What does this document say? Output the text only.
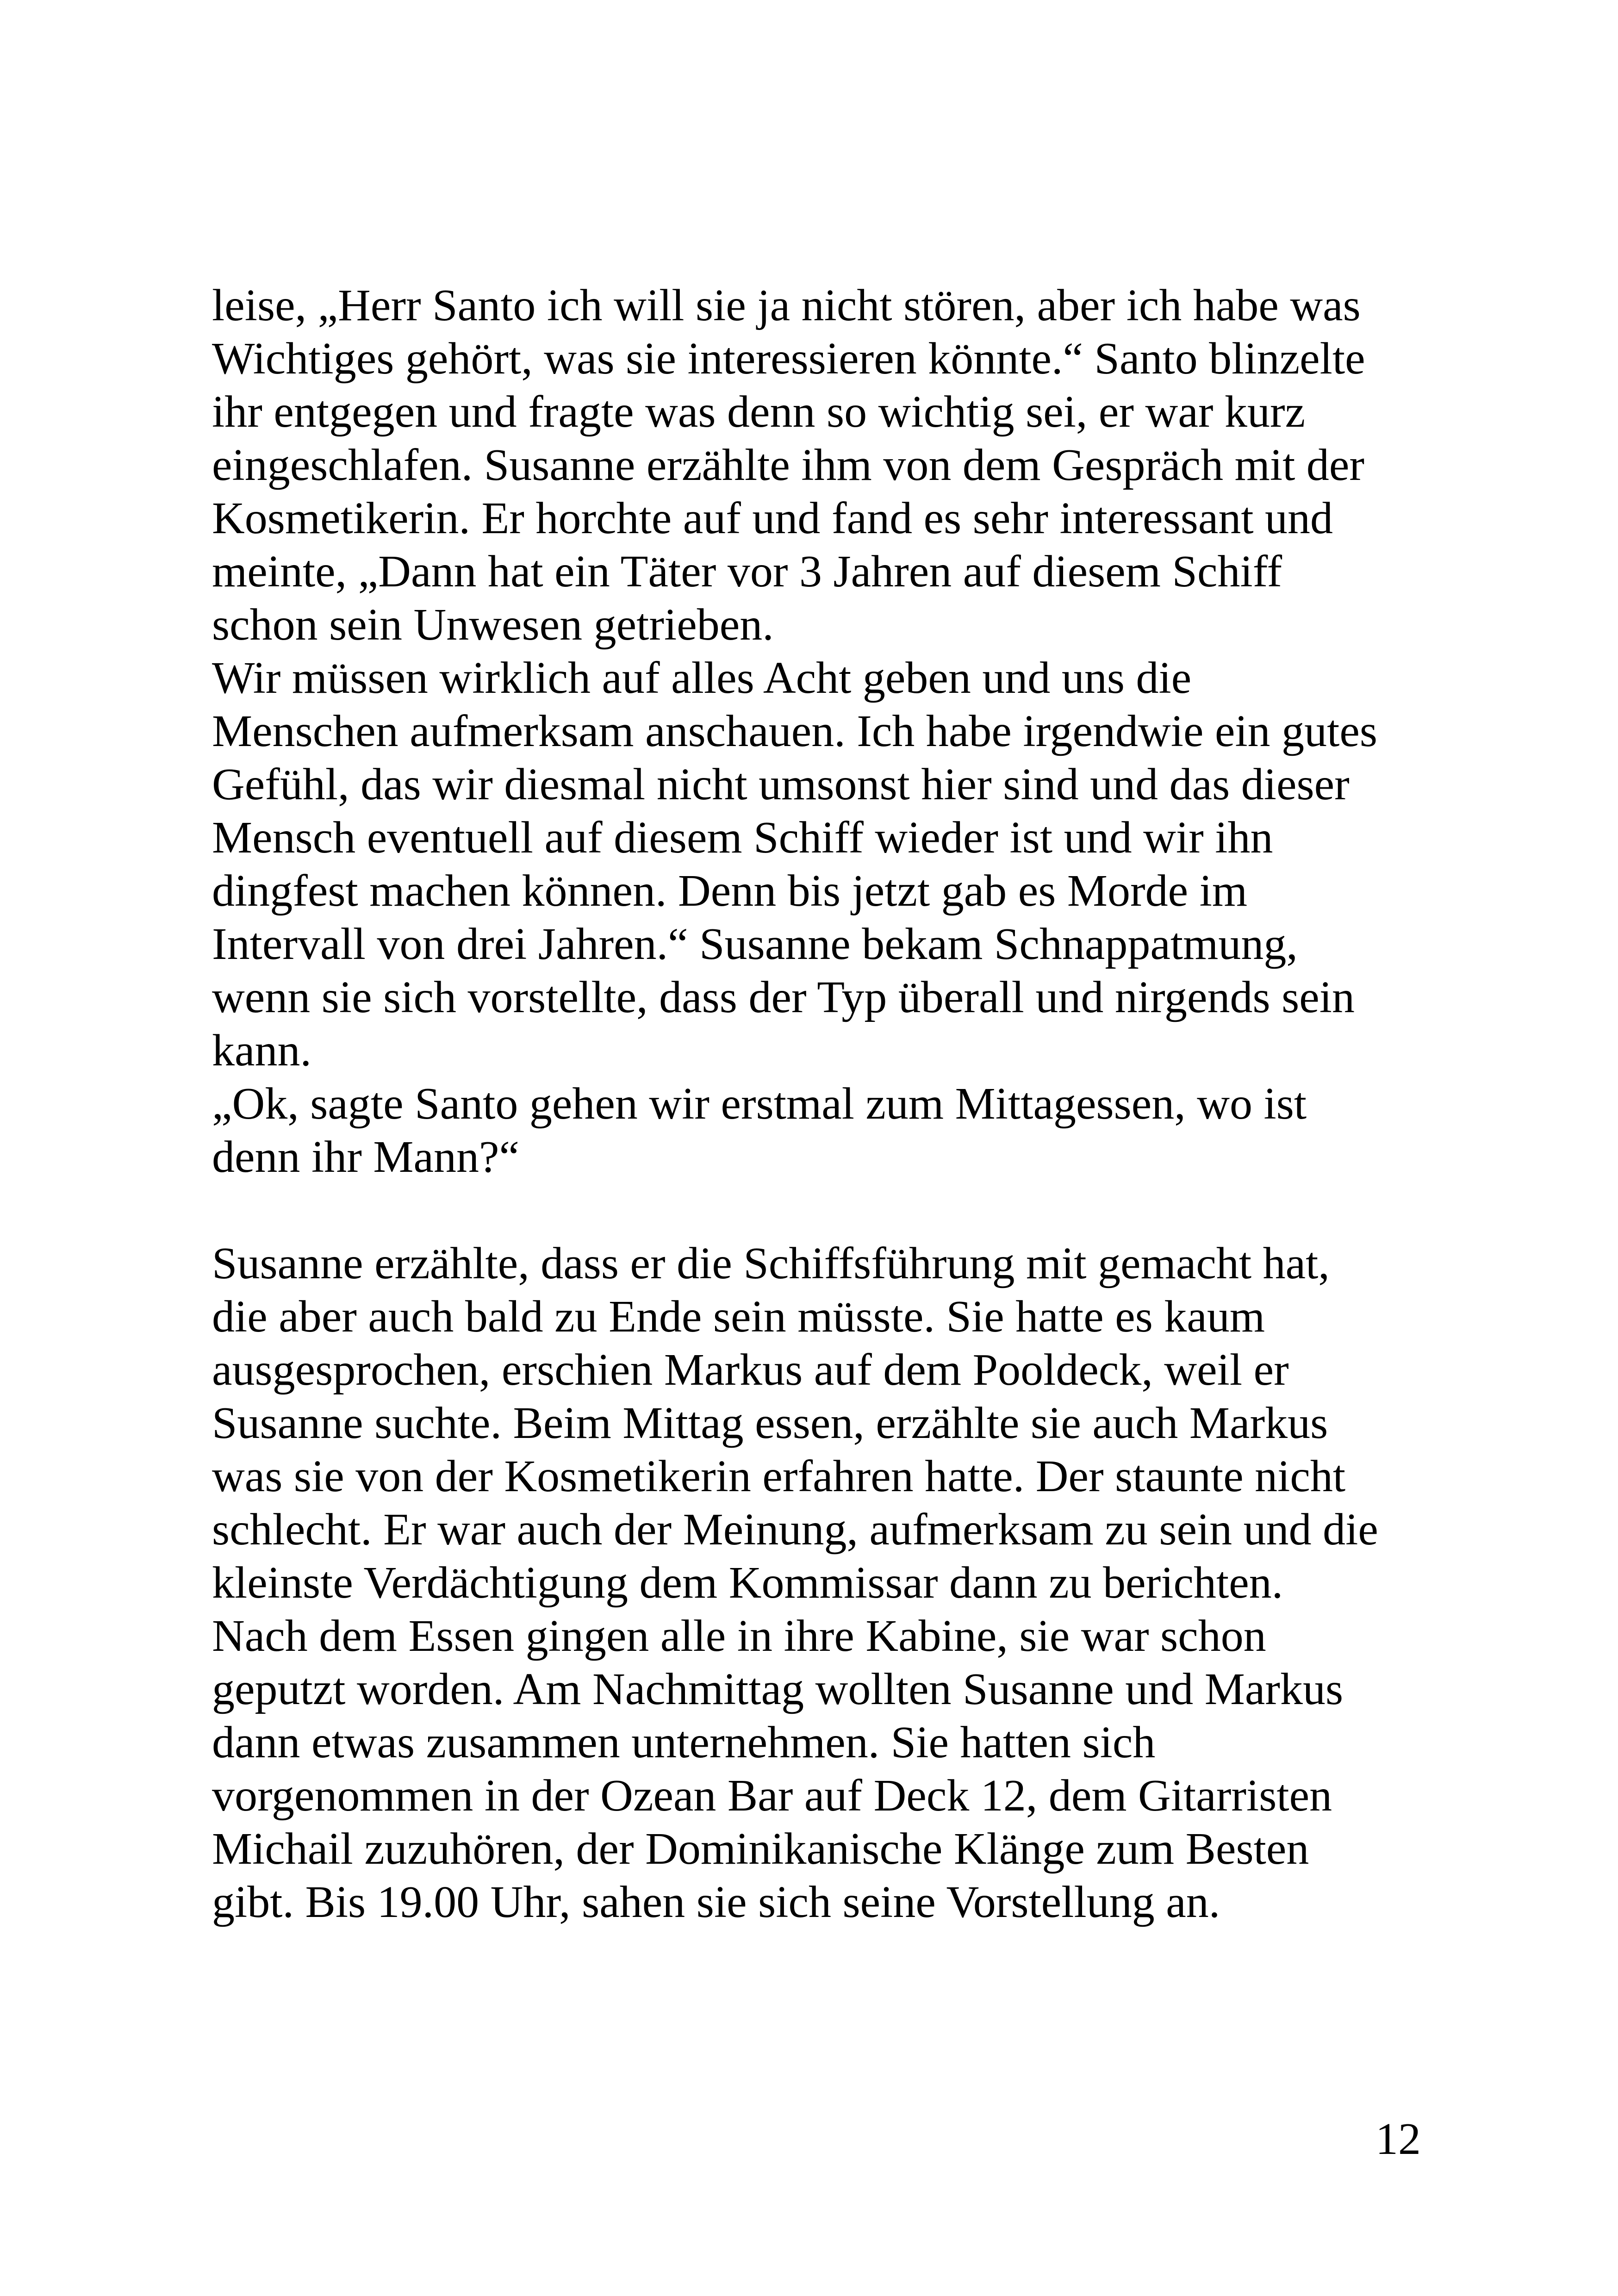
leise, „Herr Santo ich will sie ja nicht stören, aber ich habe was
Wichtiges gehört, was sie interessieren könnte.“ Santo blinzelte
ihr entgegen und fragte was denn so wichtig sei, er war kurz
eingeschlafen. Susanne erzählte ihm von dem Gespräch mit der
Kosmetikerin. Er horchte auf und fand es sehr interessant und
meinte, „Dann hat ein Täter vor 3 Jahren auf diesem Schiff
schon sein Unwesen getrieben.
Wir müssen wirklich auf alles Acht geben und uns die
Menschen aufmerksam anschauen. Ich habe irgendwie ein gutes
Gefühl, das wir diesmal nicht umsonst hier sind und das dieser
Mensch eventuell auf diesem Schiff wieder ist und wir ihn
dingfest machen können. Denn bis jetzt gab es Morde im
Intervall von drei Jahren.“ Susanne bekam Schnappatmung,
wenn sie sich vorstellte, dass der Typ überall und nirgends sein
kann.
„Ok, sagte Santo gehen wir erstmal zum Mittagessen, wo ist
denn ihr Mann?“
Susanne erzählte, dass er die Schiffsführung mit gemacht hat,
die aber auch bald zu Ende sein müsste. Sie hatte es kaum
ausgesprochen, erschien Markus auf dem Pooldeck, weil er
Susanne suchte. Beim Mittag essen, erzählte sie auch Markus
was sie von der Kosmetikerin erfahren hatte. Der staunte nicht
schlecht. Er war auch der Meinung, aufmerksam zu sein und die
kleinste Verdächtigung dem Kommissar dann zu berichten.
Nach dem Essen gingen alle in ihre Kabine, sie war schon
geputzt worden. Am Nachmittag wollten Susanne und Markus
dann etwas zusammen unternehmen. Sie hatten sich
vorgenommen in der Ozean Bar auf Deck 12, dem Gitarristen
Michail zuzuhören, der Dominikanische Klänge zum Besten
gibt. Bis 19.00 Uhr, sahen sie sich seine Vorstellung an.
12
